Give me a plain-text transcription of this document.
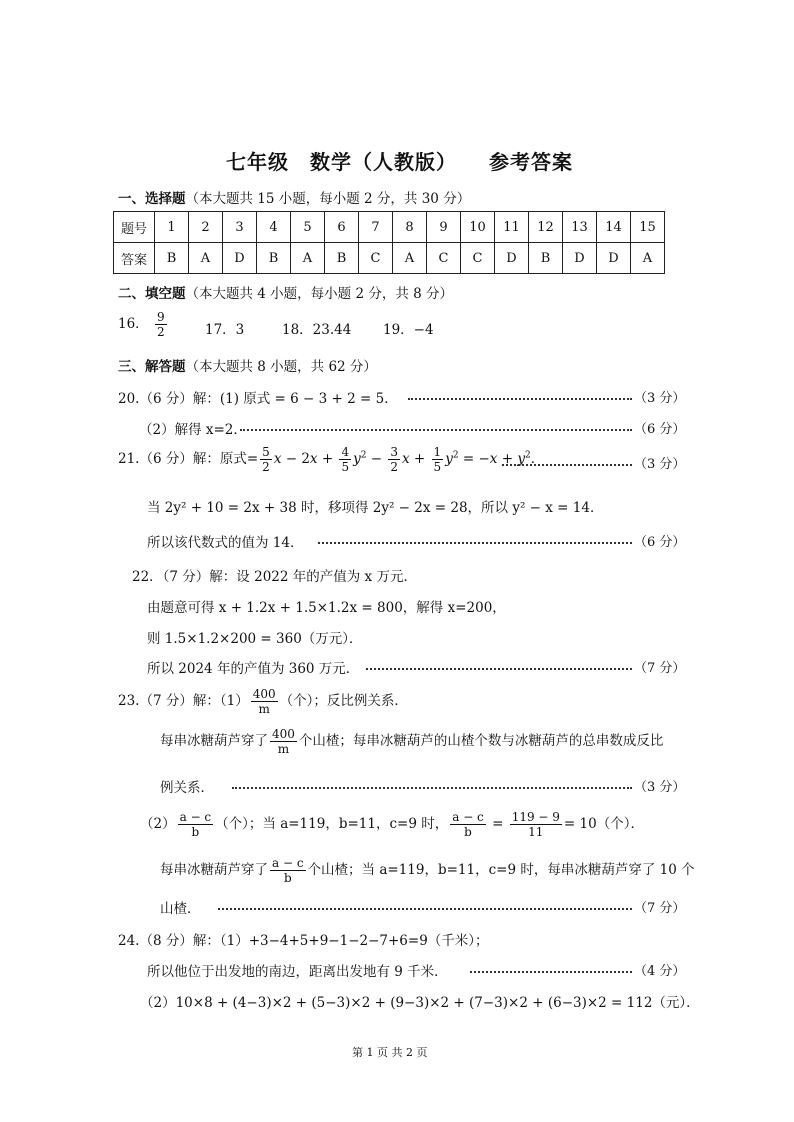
七年级　数学（人教版）　　参考答案
一、选择题（本大题共 15 小题，每小题 2 分，共 30 分）
题号	1	2	3	4	5	6	7	8	9	10	11	12	13	14	15
答案	B	A	D	B	A	B	C	A	C	C	D	B	D	D	A
二、填空题（本大题共 4 小题，每小题 2 分，共 8 分）
16． $\frac{9}{2}$	17．3	18．23.44 19．−4
三、解答题（本大题共 8 小题，共 62 分）
20.（6 分）解：(1) 原式 = 6 − 3 + 2 = 5．	（3 分）
（2）解得 x=2．	（6 分）
21.（6 分）解：原式= $\frac{5}{2}$ $x - 2x + \frac{4}{5} y^2 - \frac{3}{2}$ $x + \frac{1}{5} y^2 = -x + y^2$．	（3 分）
当 2y² + 10 = 2x + 38 时，移项得 2y² − 2x = 28，所以 y² − x = 14．
所以该代数式的值为 14．	（6 分）
22．（7 分）解：设 2022 年的产值为 x 万元．
由题意可得 x + 1.2x + 1.5×1.2x = 800，解得 x=200，
则 1.5×1.2×200 = 360（万元）．
所以 2024 年的产值为 360 万元．	（7 分）
23.（7 分）解：$(1) \frac{400}{m}$ （个）；反比例关系．
每串冰糖葫芦穿了 $\frac{400}{m}$ 个山楂；每串冰糖葫芦的山楂个数与冰糖葫芦的总串数成反比
例关系．	（3 分）
$(2) \frac{a - c}{b}$ （个）；当 a=119，b=11，c=9 时， $\frac{a - c}{b} = \frac{119 - 9}{11} = 10$（个）．
每串冰糖葫芦穿了 $\frac{a - c}{b}$ 个山楂；当 a=119，b=11，c=9 时，每串冰糖葫芦穿了 10 个
山楂．	（7 分）
24.（8 分）解：（1）+3−4+5+9−1−2−7+6=9（千米）；
所以他位于出发地的南边，距离出发地有 9 千米．	（4 分）
（2）10×8 + (4−3)×2 + (5−3)×2 + (9−3)×2 + (7−3)×2 + (6−3)×2 = 112（元）．
第 1 页 共 2 页
